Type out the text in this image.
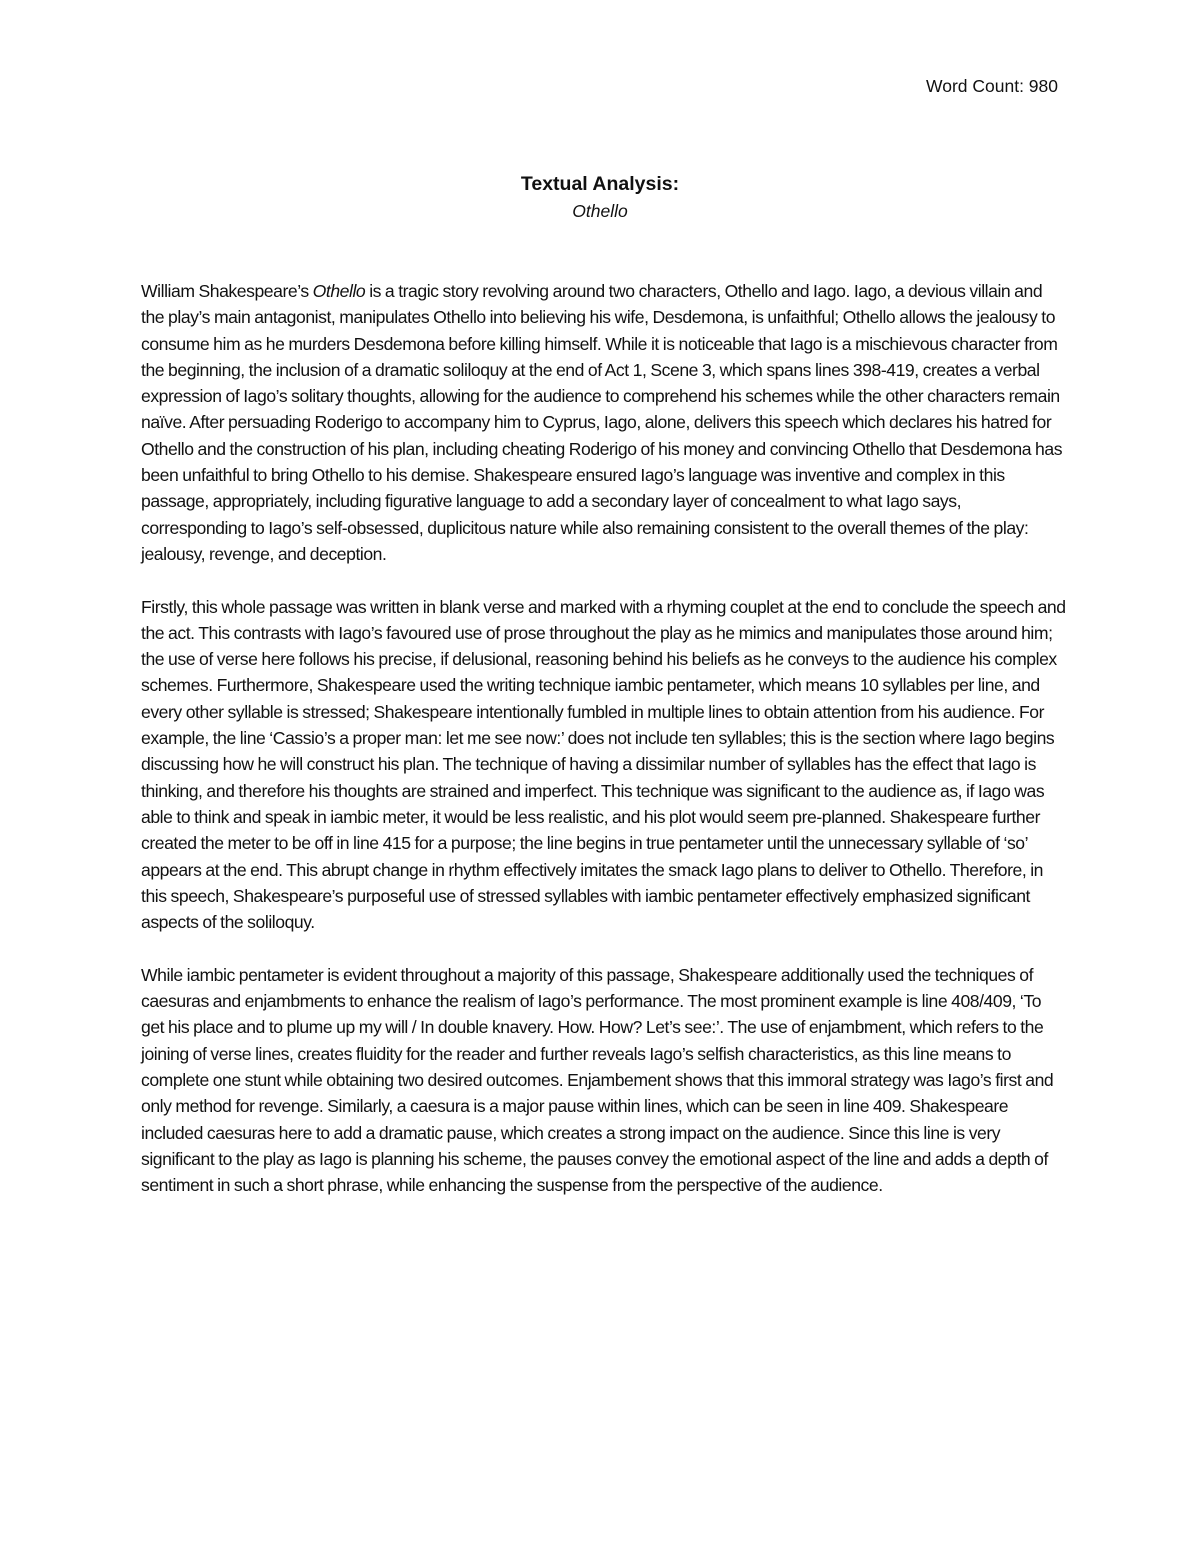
Word Count: 980
Textual Analysis:
Othello

William Shakespeare’s Othello is a tragic story revolving around two characters, Othello and Iago. Iago, a devious villain and the play’s main antagonist, manipulates Othello into believing his wife, Desdemona, is unfaithful; Othello allows the jealousy to consume him as he murders Desdemona before killing himself. While it is noticeable that Iago is a mischievous character from the beginning, the inclusion of a dramatic soliloquy at the end of Act 1, Scene 3, which spans lines 398-419, creates a verbal expression of Iago’s solitary thoughts, allowing for the audience to comprehend his schemes while the other characters remain naïve. After persuading Roderigo to accompany him to Cyprus, Iago, alone, delivers this speech which declares his hatred for Othello and the construction of his plan, including cheating Roderigo of his money and convincing Othello that Desdemona has been unfaithful to bring Othello to his demise. Shakespeare ensured Iago’s language was inventive and complex in this passage, appropriately, including figurative language to add a secondary layer of concealment to what Iago says, corresponding to Iago’s self-obsessed, duplicitous nature while also remaining consistent to the overall themes of the play: jealousy, revenge, and deception.

Firstly, this whole passage was written in blank verse and marked with a rhyming couplet at the end to conclude the speech and the act. This contrasts with Iago’s favoured use of prose throughout the play as he mimics and manipulates those around him; the use of verse here follows his precise, if delusional, reasoning behind his beliefs as he conveys to the audience his complex schemes. Furthermore, Shakespeare used the writing technique iambic pentameter, which means 10 syllables per line, and every other syllable is stressed; Shakespeare intentionally fumbled in multiple lines to obtain attention from his audience. For example, the line ‘Cassio’s a proper man: let me see now:’ does not include ten syllables; this is the section where Iago begins discussing how he will construct his plan. The technique of having a dissimilar number of syllables has the effect that Iago is thinking, and therefore his thoughts are strained and imperfect. This technique was significant to the audience as, if Iago was able to think and speak in iambic meter, it would be less realistic, and his plot would seem pre-planned. Shakespeare further created the meter to be off in line 415 for a purpose; the line begins in true pentameter until the unnecessary syllable of ‘so’ appears at the end. This abrupt change in rhythm effectively imitates the smack Iago plans to deliver to Othello. Therefore, in this speech, Shakespeare’s purposeful use of stressed syllables with iambic pentameter effectively emphasized significant aspects of the soliloquy.

While iambic pentameter is evident throughout a majority of this passage, Shakespeare additionally used the techniques of caesuras and enjambments to enhance the realism of Iago’s performance. The most prominent example is line 408/409, ‘To get his place and to plume up my will / In double knavery. How. How? Let’s see:’. The use of enjambment, which refers to the joining of verse lines, creates fluidity for the reader and further reveals Iago’s selfish characteristics, as this line means to complete one stunt while obtaining two desired outcomes. Enjambement shows that this immoral strategy was Iago’s first and only method for revenge. Similarly, a caesura is a major pause within lines, which can be seen in line 409. Shakespeare included caesuras here to add a dramatic pause, which creates a strong impact on the audience. Since this line is very significant to the play as Iago is planning his scheme, the pauses convey the emotional aspect of the line and adds a depth of sentiment in such a short phrase, while enhancing the suspense from the perspective of the audience.
